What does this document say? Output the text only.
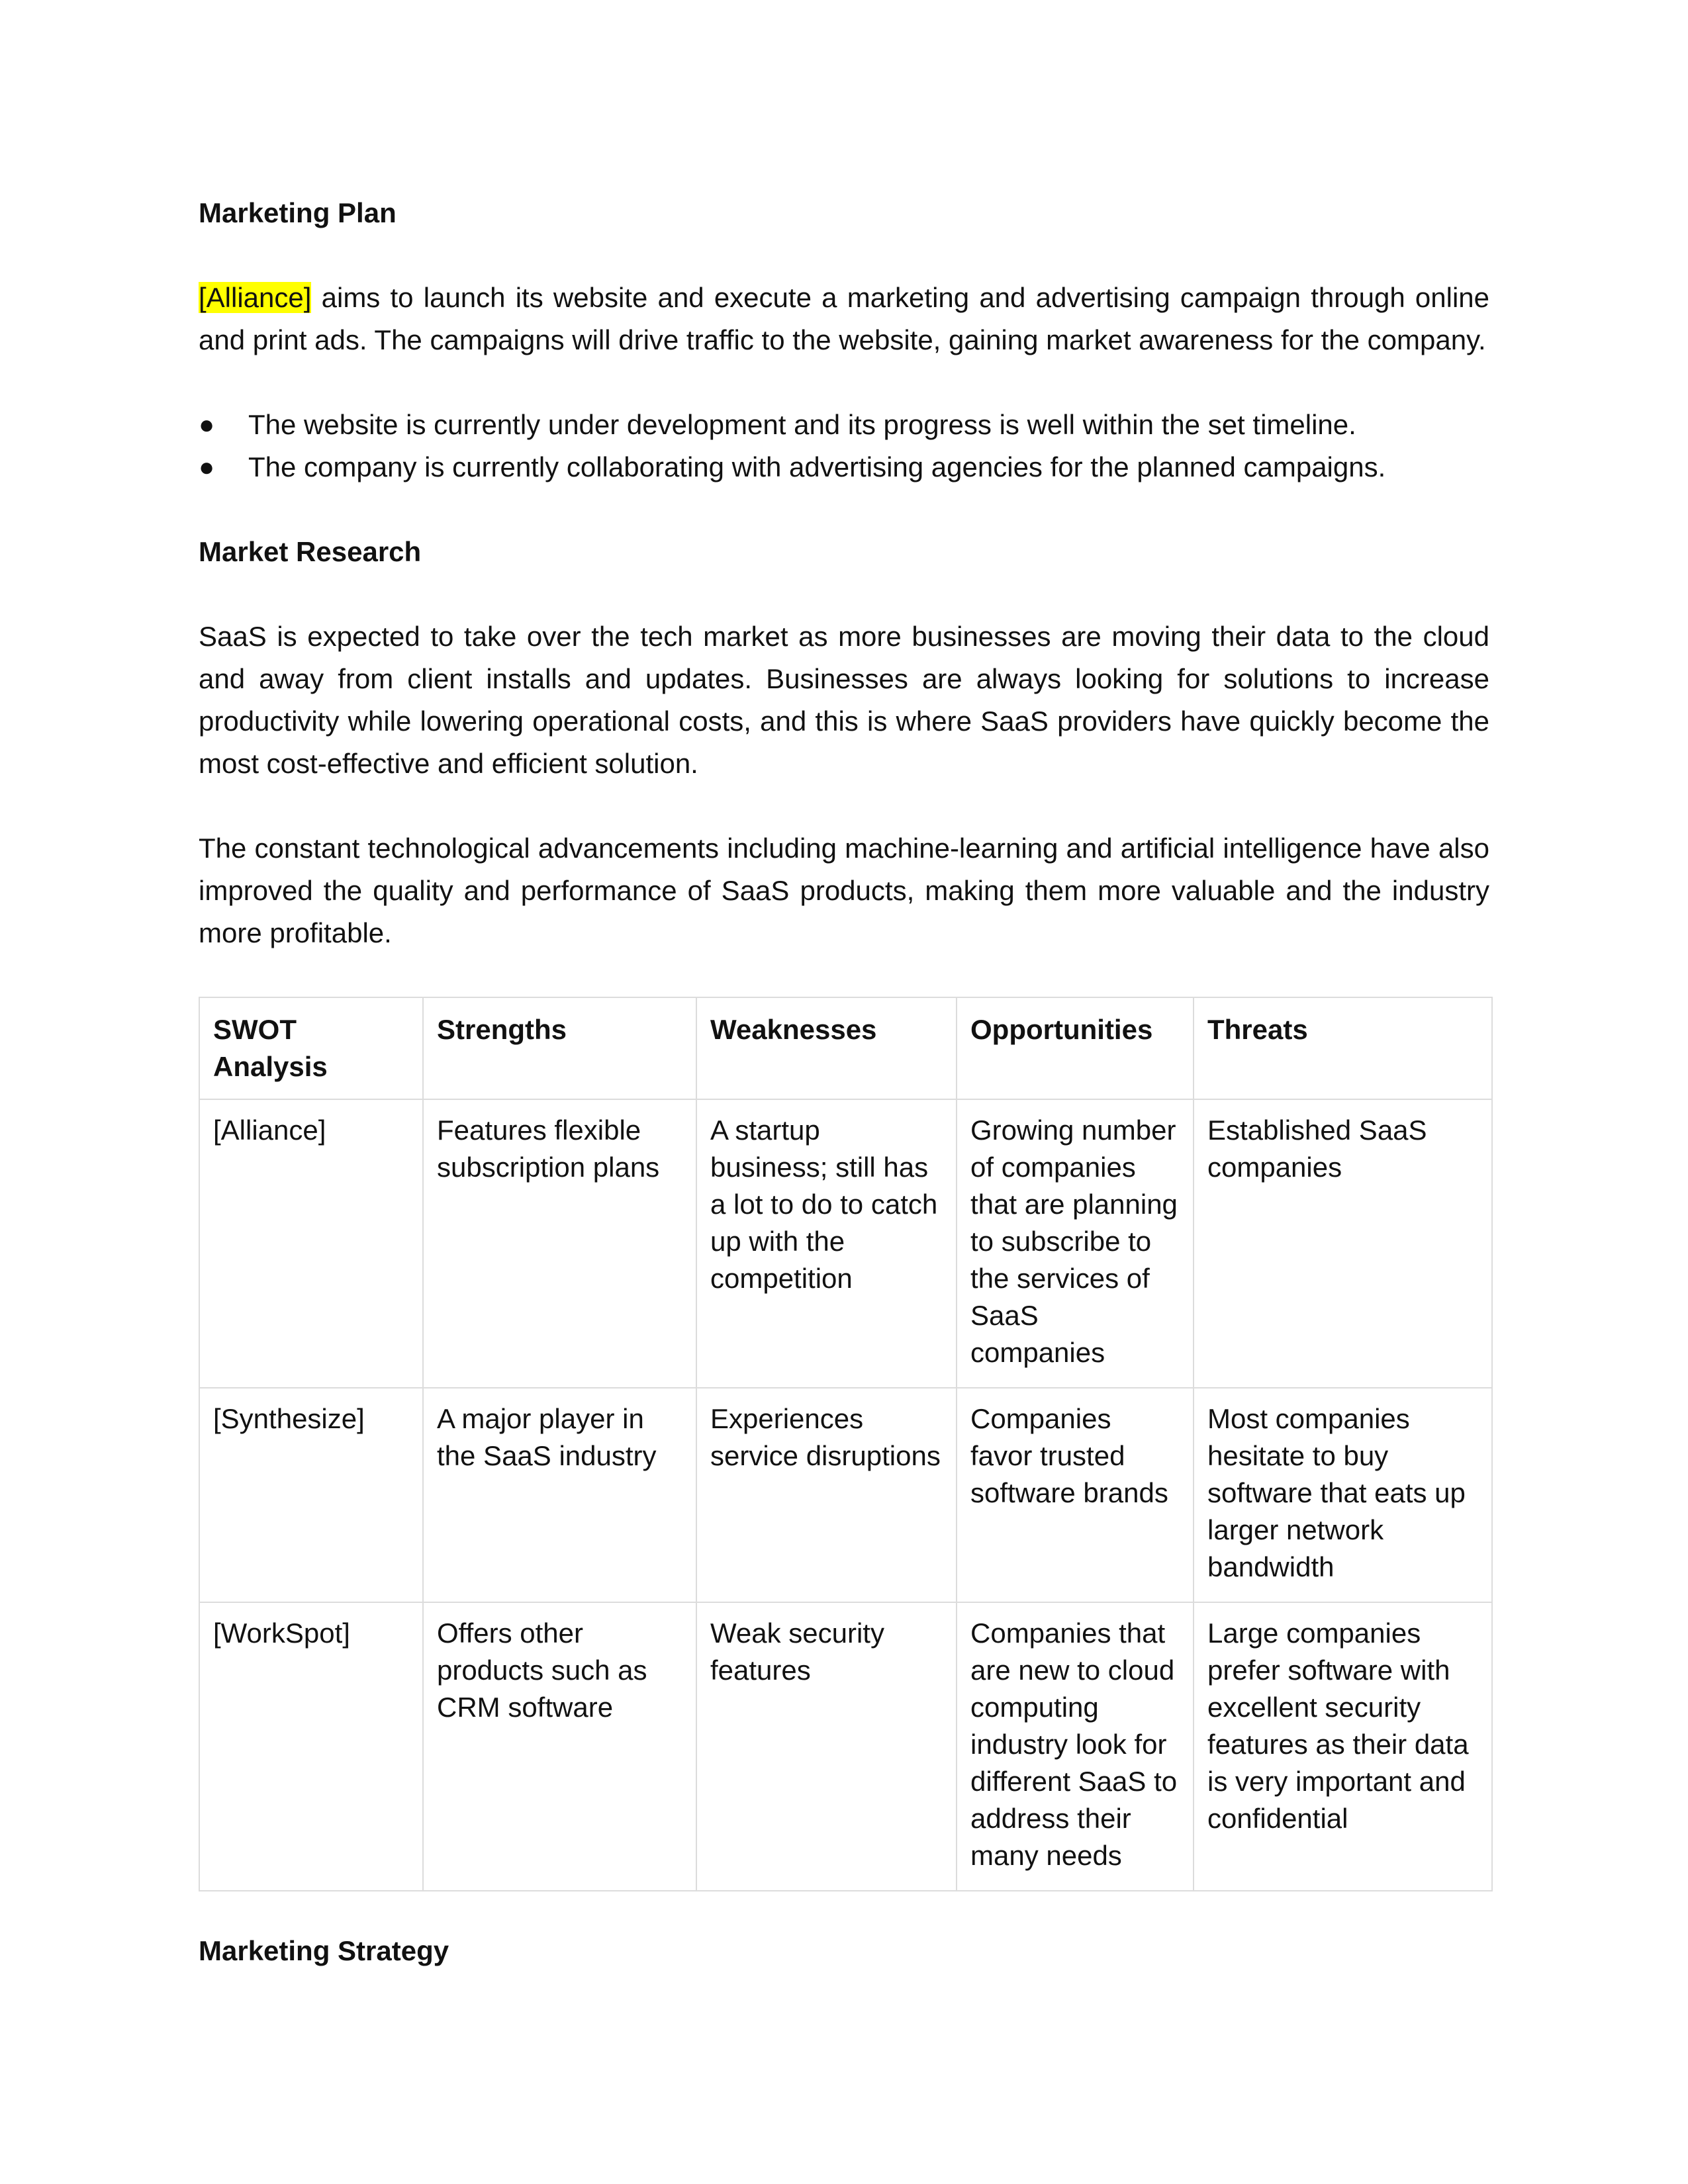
Marketing Plan

[Alliance] aims to launch its website and execute a marketing and advertising campaign through online and print ads. The campaigns will drive traffic to the website, gaining market awareness for the company.

● The website is currently under development and its progress is well within the set timeline.
● The company is currently collaborating with advertising agencies for the planned campaigns.

Market Research

SaaS is expected to take over the tech market as more businesses are moving their data to the cloud and away from client installs and updates. Businesses are always looking for solutions to increase productivity while lowering operational costs, and this is where SaaS providers have quickly become the most cost-effective and efficient solution.

The constant technological advancements including machine-learning and artificial intelligence have also improved the quality and performance of SaaS products, making them more valuable and the industry more profitable.

SWOT Analysis	Strengths	Weaknesses	Opportunities	Threats
[Alliance]	Features flexible subscription plans	A startup business; still has a lot to do to catch up with the competition	Growing number of companies that are planning to subscribe to the services of SaaS companies	Established SaaS companies
[Synthesize]	A major player in the SaaS industry	Experiences service disruptions	Companies favor trusted software brands	Most companies hesitate to buy software that eats up larger network bandwidth
[WorkSpot]	Offers other products such as CRM software	Weak security features	Companies that are new to cloud computing industry look for different SaaS to address their many needs	Large companies prefer software with excellent security features as their data is very important and confidential

Marketing Strategy
